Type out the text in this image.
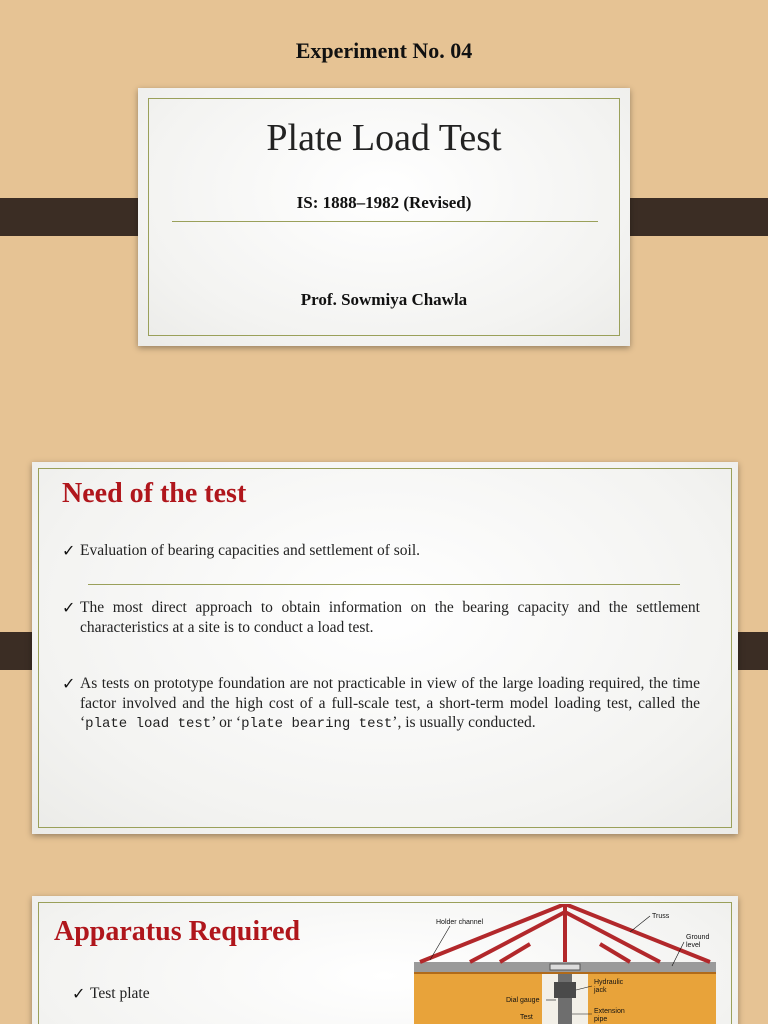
Experiment No. 04
Plate Load Test
IS: 1888–1982 (Revised)
Prof. Sowmiya Chawla
Need of the test
✓ Evaluation of bearing capacities and settlement of soil.
✓ The most direct approach to obtain information on the bearing capacity and the settlement characteristics at a site is to conduct a load test.
✓ As tests on prototype foundation are not practicable in view of the large loading required, the time factor involved and the high cost of a full-scale test, a short-term model loading test, called the ‘plate load test’ or ‘plate bearing test’, is usually conducted.
Apparatus Required
✓ Test plate
Holder channel
Truss
Ground
level
Hydraulic
jack
Dial gauge
Extension
pipe
Test
